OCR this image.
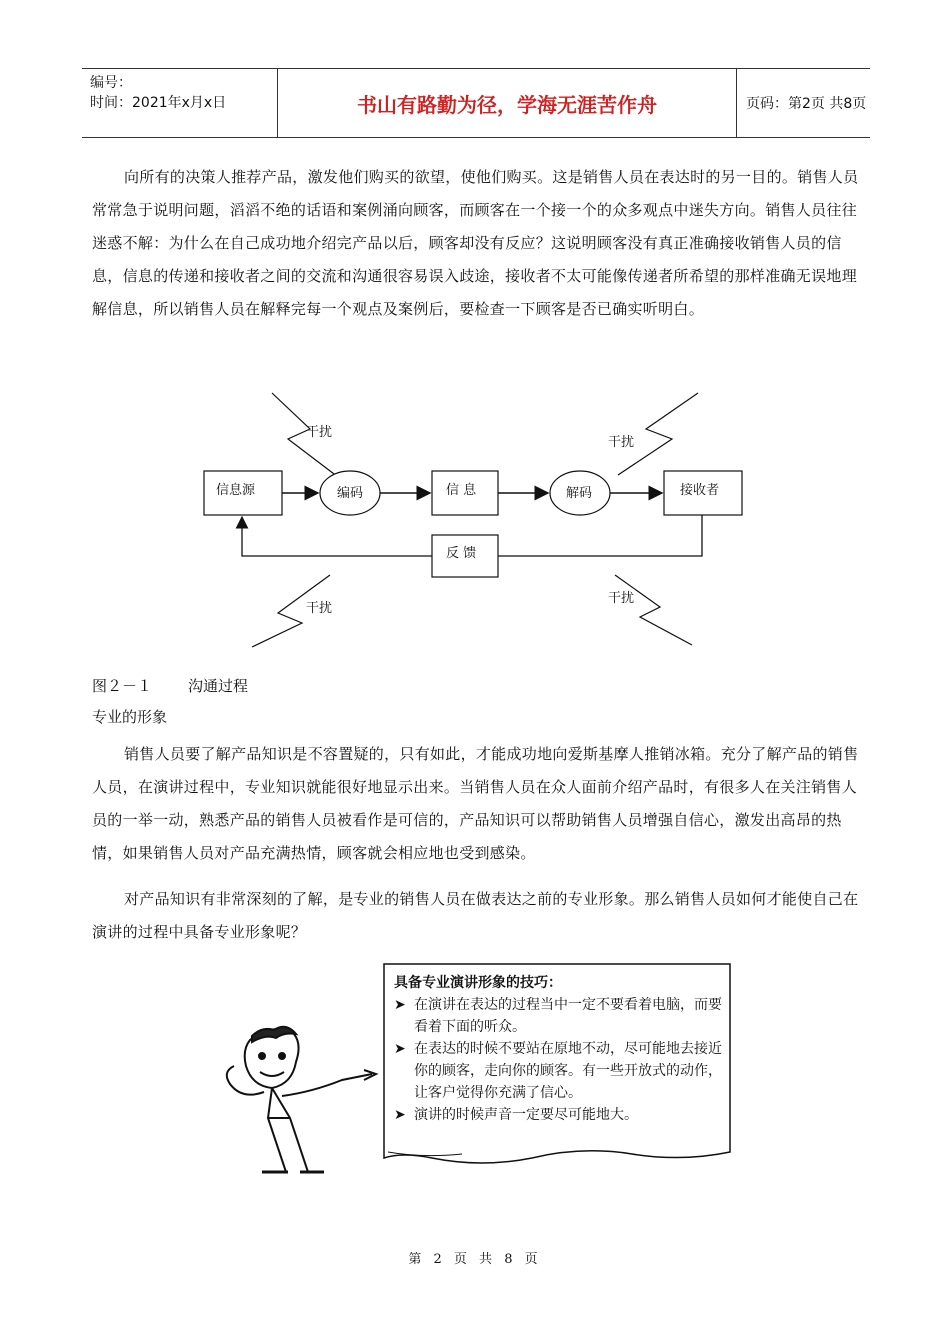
编号：
时间：2021年x月x日	书山有路勤为径，学海无涯苦作舟	页码：第2页 共8页
向所有的决策人推荐产品，激发他们购买的欲望，使他们购买。这是销售人员在表达时的另一目的。销售人员常常急于说明问题，滔滔不绝的话语和案例涌向顾客，而顾客在一个接一个的众多观点中迷失方向。销售人员往往迷惑不解：为什么在自己成功地介绍完产品以后，顾客却没有反应？这说明顾客没有真正准确接收销售人员的信息，信息的传递和接收者之间的交流和沟通很容易误入歧途，接收者不太可能像传递者所希望的那样准确无误地理解信息，所以销售人员在解释完每一个观点及案例后，要检查一下顾客是否已确实听明白。
干扰
干扰
干扰
干扰
信息源	编码	信 息	解码	接收者
反 馈
图２－１ 沟通过程
专业的形象
销售人员要了解产品知识是不容置疑的，只有如此，才能成功地向爱斯基摩人推销冰箱。充分了解产品的销售人员，在演讲过程中，专业知识就能很好地显示出来。当销售人员在众人面前介绍产品时，有很多人在关注销售人员的一举一动，熟悉产品的销售人员被看作是可信的，产品知识可以帮助销售人员增强自信心，激发出高昂的热情，如果销售人员对产品充满热情，顾客就会相应地也受到感染。
对产品知识有非常深刻的了解，是专业的销售人员在做表达之前的专业形象。那么销售人员如何才能使自己在演讲的过程中具备专业形象呢？
具备专业演讲形象的技巧：
➤ 在演讲在表达的过程当中一定不要看着电脑，而要看着下面的听众。
➤ 在表达的时候不要站在原地不动，尽可能地去接近你的顾客，走向你的顾客。有一些开放式的动作，让客户觉得你充满了信心。
➤ 演讲的时候声音一定要尽可能地大。
第 2 页 共 8 页
